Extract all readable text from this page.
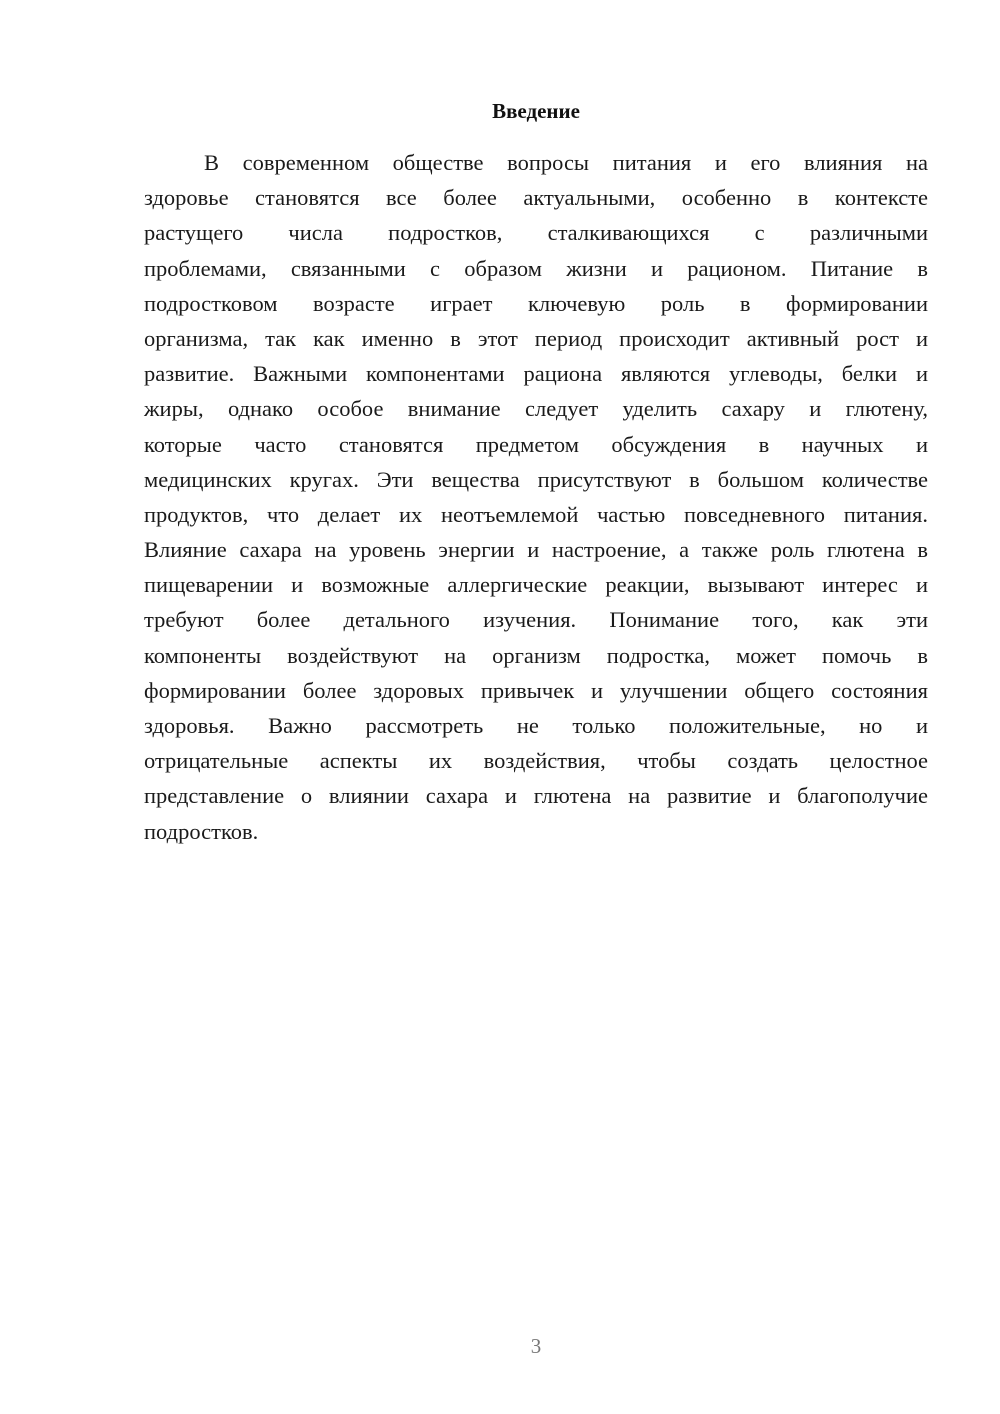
Введение
В современном обществе вопросы питания и его влияния на
здоровье становятся все более актуальными, особенно в контексте
растущего числа подростков, сталкивающихся с различными
проблемами, связанными с образом жизни и рационом. Питание в
подростковом возрасте играет ключевую роль в формировании
организма, так как именно в этот период происходит активный рост и
развитие. Важными компонентами рациона являются углеводы, белки и
жиры, однако особое внимание следует уделить сахару и глютену,
которые часто становятся предметом обсуждения в научных и
медицинских кругах. Эти вещества присутствуют в большом количестве
продуктов, что делает их неотъемлемой частью повседневного питания.
Влияние сахара на уровень энергии и настроение, а также роль глютена в
пищеварении и возможные аллергические реакции, вызывают интерес и
требуют более детального изучения. Понимание того, как эти
компоненты воздействуют на организм подростка, может помочь в
формировании более здоровых привычек и улучшении общего состояния
здоровья. Важно рассмотреть не только положительные, но и
отрицательные аспекты их воздействия, чтобы создать целостное
представление о влиянии сахара и глютена на развитие и благополучие
подростков.
3
